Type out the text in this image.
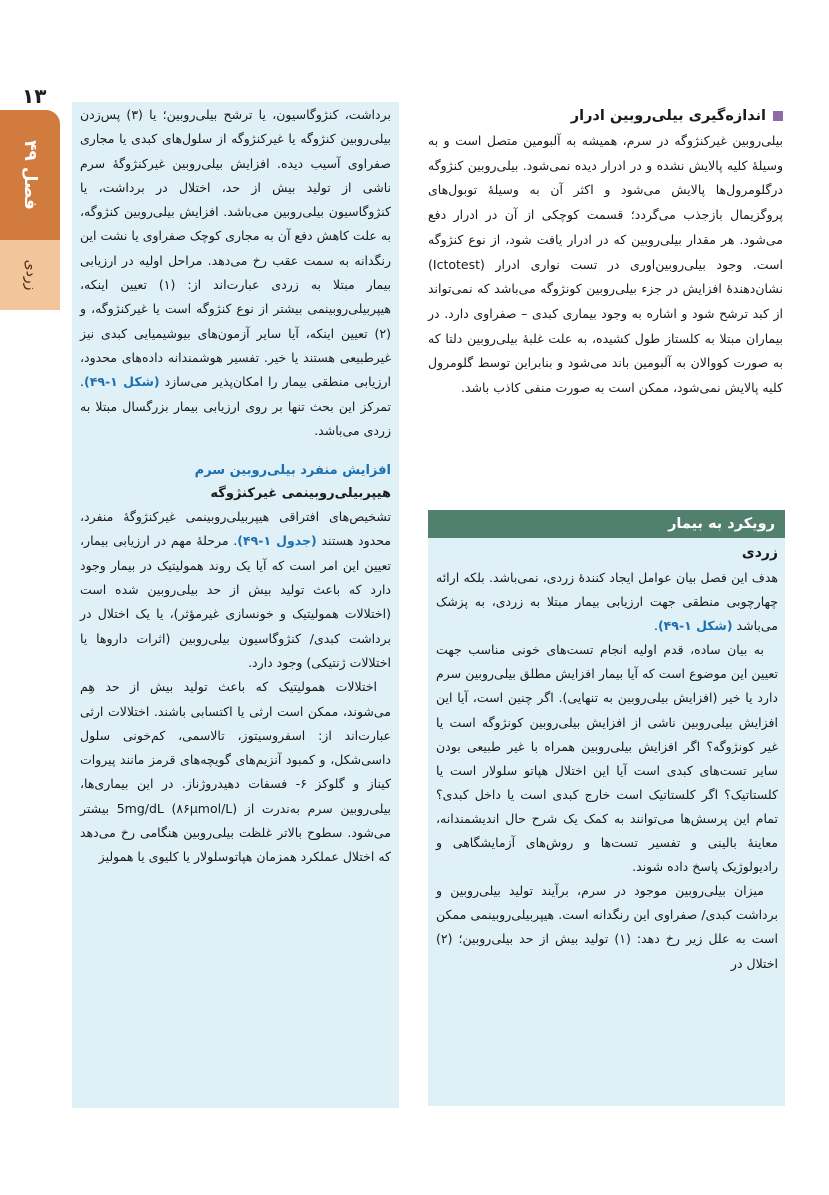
۱۳
فصل ۴۹
زردی
اندازه‌گیری بیلی‌روبین ادرار

بیلی‌روبین غیرکنژوگه در سرم، همیشه به آلبومین متصل است و به وسیلهٔ کلیه پالایش نشده و در ادرار دیده نمی‌شود. بیلی‌روبین کنژوگه درگلومرول‌ها پالایش می‌شود و اکثر آن به وسیلهٔ توبول‌های پروگزیمال بازجذب می‌گردد؛ قسمت کوچکی از آن در ادرار دفع می‌شود. هر مقدار بیلی‌روبین که در ادرار یافت شود، از نوع کنژوگه است. وجود بیلی‌روبین‌اوری در تست نواری ادرار (Ictotest) نشان‌دهندهٔ افزایش در جزء بیلی‌روبین کونژوگه می‌باشد که نمی‌تواند از کبد ترشح شود و اشاره به وجود بیماری کبدی – صفراوی دارد. در بیماران مبتلا به کلستاز طول کشیده، به علت غلبهٔ بیلی‌روبین دلتا که به صورت کووالان به آلبومین باند می‌شود و بنابراین توسط گلومرول کلیه پالایش نمی‌شود، ممکن است به صورت منفی کاذب باشد.

رویکرد به بیمار
زردی

هدف این فصل بیان عوامل ایجاد کنندهٔ زردی، نمی‌باشد. بلکه ارائه چهارچوبی منطقی جهت ارزیابی بیمار مبتلا به زردی، به پزشک می‌باشد (شکل ۱-۴۹).

به بیان ساده، قدم اولیه انجام تست‌های خونی مناسب جهت تعیین این موضوع است که آیا بیمار افزایش مطلق بیلی‌روبین سرم دارد یا خیر (افزایش بیلی‌روبین به تنهایی). اگر چنین است، آیا این افزایش بیلی‌روبین ناشی از افزایش بیلی‌روبین کونژوگه است یا غیر کونژوگه؟ اگر افزایش بیلی‌روبین همراه با غیر طبیعی بودن سایر تست‌های کبدی است آیا این اختلال هپاتو سلولار است یا کلستاتیک؟ اگر کلستاتیک است خارج کبدی است یا داخل کبدی؟ تمام این پرسش‌ها می‌توانند به کمک یک شرح حال اندیشمندانه، معاینهٔ بالینی و تفسیر تست‌ها و روش‌های آزمایشگاهی و رادیولوژیک پاسخ داده شوند.

میزان بیلی‌روبین موجود در سرم، برآیند تولید بیلی‌روبین و برداشت کبدی/ صفراوی این رنگدانه است. هیپربیلی‌روبینمی ممکن است به علل زیر رخ دهد: (۱) تولید بیش از حد بیلی‌روبین؛ (۲) اختلال در

برداشت، کنژوگاسیون، یا ترشح بیلی‌روبین؛ یا (۳) پس‌زدن بیلی‌روبین کنژوگه یا غیرکنژوگه از سلول‌های کبدی یا مجاری صفراوی آسیب دیده. افزایش بیلی‌روبین غیرکنژوگهٔ سرم ناشی از تولید بیش از حد، اختلال در برداشت، یا کنژوگاسیون بیلی‌روبین می‌باشد. افزایش بیلی‌روبین کنژوگه، به علت کاهش دفع آن به مجاری کوچک صفراوی یا نشت این رنگدانه به سمت عقب رخ می‌دهد. مراحل اولیه در ارزیابی بیمار مبتلا به زردی عبارت‌اند از: (۱) تعیین اینکه، هیپربیلی‌روبینمی بیشتر از نوع کنژوگه است یا غیرکنژوگه، و (۲) تعیین اینکه، آیا سایر آزمون‌های بیوشیمیایی کبدی نیز غیرطبیعی هستند یا خیر. تفسیر هوشمندانه داده‌های محدود، ارزیابی منطقی بیمار را امکان‌پذیر می‌سازد (شکل ۱-۴۹). تمرکز این بحث تنها بر روی ارزیابی بیمار بزرگسال مبتلا به زردی می‌باشد.

افزایش منفرد بیلی‌روبین سرم
هیپربیلی‌روبینمی غیرکنژوگه

تشخیص‌های افتراقی هیپربیلی‌روبینمی غیرکنژوگهٔ منفرد، محدود هستند (جدول ۱-۴۹). مرحلهٔ مهم در ارزیابی بیمار، تعیین این امر است که آیا یک روند همولیتیک در بیمار وجود دارد که باعث تولید بیش از حد بیلی‌روبین شده است (اختلالات همولیتیک و خونسازی غیرمؤثر)، یا یک اختلال در برداشت کبدی/ کنژوگاسیون بیلی‌روبین (اثرات داروها یا اختلالات ژنتیکی) وجود دارد.

اختلالات همولیتیک که باعث تولید بیش از حد هِم می‌شوند، ممکن است ارثی یا اکتسابی باشند. اختلالات ارثی عبارت‌اند از: اسفروسیتوز، تالاسمی، کم‌خونی سلول داسی‌شکل، و کمبود آنزیم‌های گویچه‌های قرمز مانند پیروات کیناز و گلوکز ۶- فسفات دهیدروژناز. در این بیماری‌ها، بیلی‌روبین سرم به‌ندرت از 5mg/dL (۸۶µmol/L) بیشتر می‌شود. سطوح بالاتر غلظت بیلی‌روبین هنگامی رخ می‌دهد که اختلال عملکرد همزمان هپاتوسلولار یا کلیوی یا همولیز
